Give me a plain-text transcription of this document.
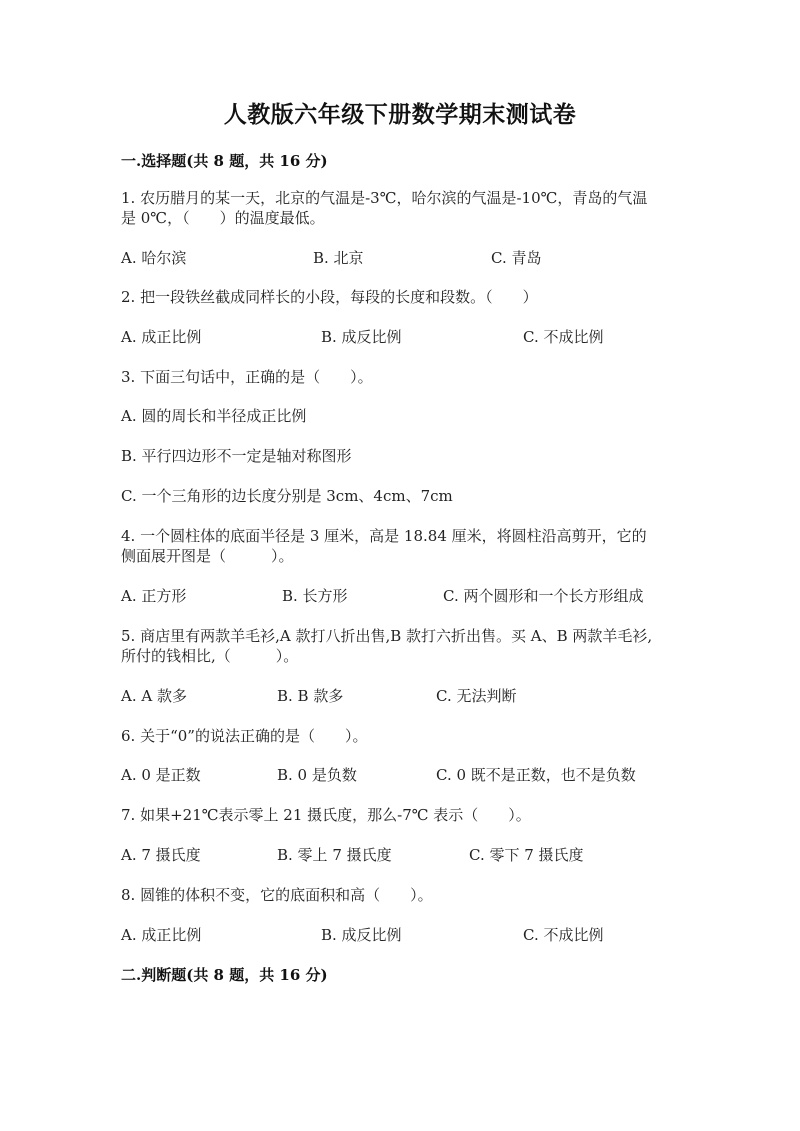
人教版六年级下册数学期末测试卷
一.选择题(共 8 题，共 16 分)
1. 农历腊月的某一天，北京的气温是-3℃，哈尔滨的气温是-10℃，青岛的气温
是 0℃，（　　）的温度最低。
A. 哈尔滨	B. 北京	C. 青岛
2. 把一段铁丝截成同样长的小段，每段的长度和段数。（　　）
A. 成正比例	B. 成反比例	C. 不成比例
3. 下面三句话中，正确的是（　　）。
A. 圆的周长和半径成正比例
B. 平行四边形不一定是轴对称图形
C. 一个三角形的边长度分别是 3cm、4cm、7cm
4. 一个圆柱体的底面半径是 3 厘米，高是 18.84 厘米，将圆柱沿高剪开，它的
侧面展开图是（　　　）。
A. 正方形	B. 长方形	C. 两个圆形和一个长方形组成
5. 商店里有两款羊毛衫,A 款打八折出售,B 款打六折出售。买 A、B 两款羊毛衫,
所付的钱相比,（　　　）。
A. A 款多	B. B 款多	C. 无法判断
6. 关于“0”的说法正确的是（　　）。
A. 0 是正数	B. 0 是负数	C. 0 既不是正数，也不是负数
7. 如果+21℃表示零上 21 摄氏度，那么-7℃ 表示（　　）。
A. 7 摄氏度	B. 零上 7 摄氏度	C. 零下 7 摄氏度
8. 圆锥的体积不变，它的底面积和高（　　）。
A. 成正比例	B. 成反比例	C. 不成比例
二.判断题(共 8 题，共 16 分)
